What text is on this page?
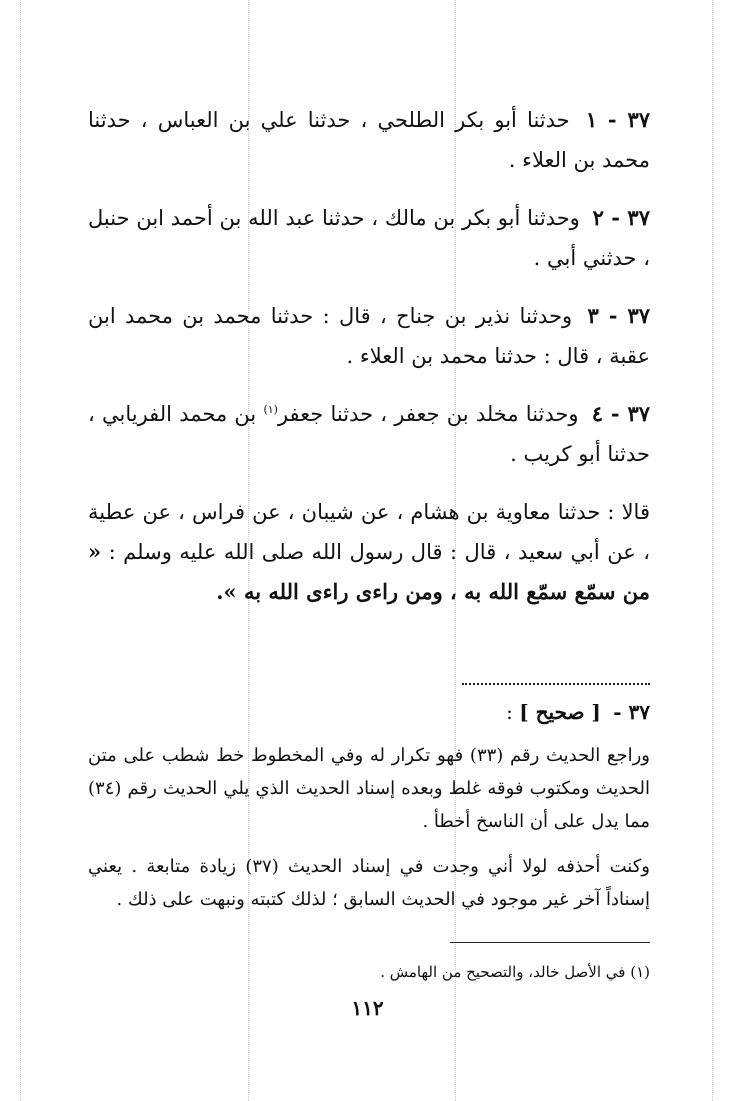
٣٧ - ١ حدثنا أبو بكر الطلحي ، حدثنا علي بن العباس ، حدثنا محمد بن العلاء .

٣٧ - ٢ وحدثنا أبو بكر بن مالك ، حدثنا عبد الله بن أحمد ابن حنبل ، حدثني أبي .

٣٧ - ٣ وحدثنا نذير بن جناح ، قال : حدثنا محمد بن محمد ابن عقبة ، قال : حدثنا محمد بن العلاء .

٣٧ - ٤ وحدثنا مخلد بن جعفر ، حدثنا جعفر$^{(١)}$ بن محمد الفريابي ، حدثنا أبو كريب .

قالا : حدثنا معاوية بن هشام ، عن شيبان ، عن فراس ، عن عطية ، عن أبي سعيد ، قال : قال رسول الله صلى الله عليه وسلم : « من سمّع سمّع الله به ، ومن راءى راءى الله به ».

٣٧ - [ صحيح ] :

وراجع الحديث رقم (٣٣) فهو تكرار له وفي المخطوط خط شطب على متن الحديث ومكتوب فوقه غلط وبعده إسناد الحديث الذي يلي الحديث رقم (٣٤) مما يدل على أن الناسخ أخطأ .

وكنت أحذفه لولا أني وجدت في إسناد الحديث (٣٧) زيادة متابعة . يعني إسناداً آخر غير موجود في الحديث السابق ؛ لذلك كتبته ونبهت على ذلك .

(١) في الأصل خالد، والتصحيح من الهامش .
١١٢
